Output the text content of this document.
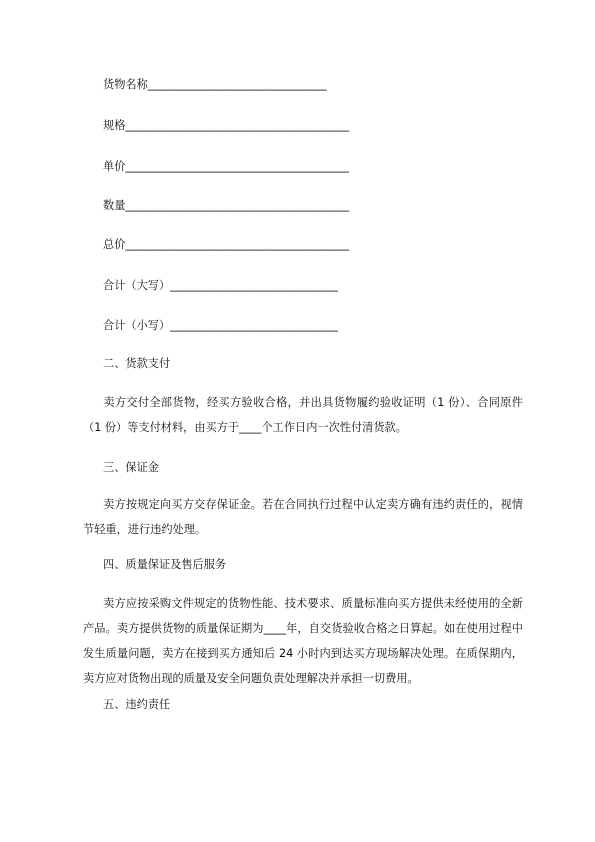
货物名称________________________________
规格________________________________________
单价________________________________________
数量________________________________________
总价________________________________________
合计（大写）______________________________
合计（小写）______________________________
二、货款支付
卖方交付全部货物，经买方验收合格，并出具货物履约验收证明（1 份）、合同原件（1 份）等支付材料，由买方于____个工作日内一次性付清货款。
三、保证金
卖方按规定向买方交存保证金。若在合同执行过程中认定卖方确有违约责任的，视情节轻重，进行违约处理。
四、质量保证及售后服务
卖方应按采购文件规定的货物性能、技术要求、质量标准向买方提供未经使用的全新产品。卖方提供货物的质量保证期为____年，自交货验收合格之日算起。如在使用过程中发生质量问题，卖方在接到买方通知后 24 小时内到达买方现场解决处理。在质保期内，卖方应对货物出现的质量及安全问题负责处理解决并承担一切费用。
五、违约责任
